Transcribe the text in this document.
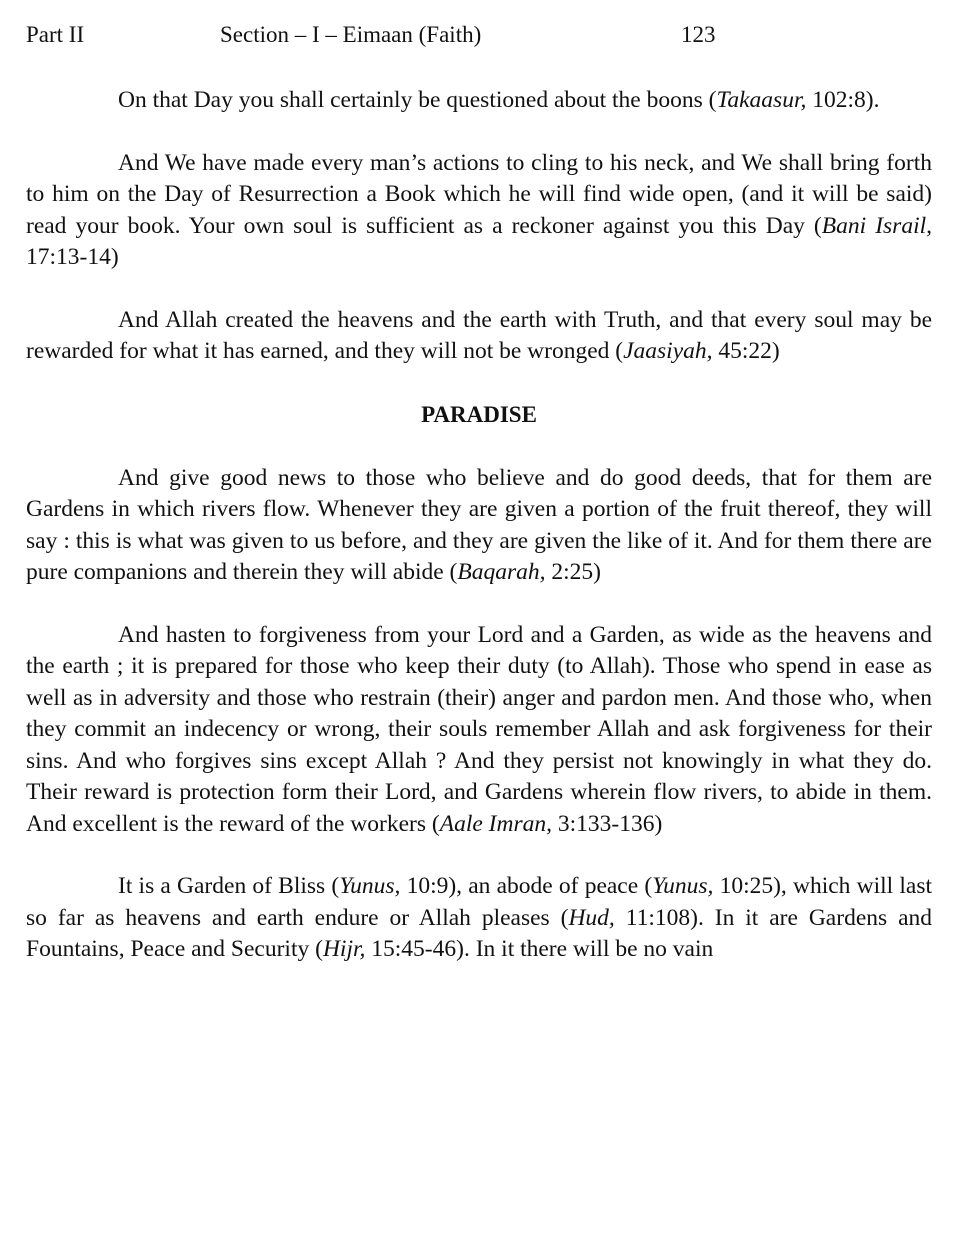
Part II	Section – I – Eimaan (Faith)	123

On that Day you shall certainly be questioned about the boons (Takaasur, 102:8).

And We have made every man’s actions to cling to his neck, and We shall bring forth to him on the Day of Resurrection a Book which he will find wide open, (and it will be said) read your book. Your own soul is sufficient as a reckoner against you this Day (Bani Israil, 17:13-14)

And Allah created the heavens and the earth with Truth, and that every soul may be rewarded for what it has earned, and they will not be wronged (Jaasiyah, 45:22)

PARADISE

And give good news to those who believe and do good deeds, that for them are Gardens in which rivers flow. Whenever they are given a portion of the fruit thereof, they will say : this is what was given to us before, and they are given the like of it. And for them there are pure companions and therein they will abide (Baqarah, 2:25)

And hasten to forgiveness from your Lord and a Garden, as wide as the heavens and the earth ; it is prepared for those who keep their duty (to Allah). Those who spend in ease as well as in adversity and those who restrain (their) anger and pardon men. And those who, when they commit an indecency or wrong, their souls remember Allah and ask forgiveness for their sins. And who forgives sins except Allah ? And they persist not knowingly in what they do. Their reward is protection form their Lord, and Gardens wherein flow rivers, to abide in them. And excellent is the reward of the workers (Aale Imran, 3:133-136)

It is a Garden of Bliss (Yunus, 10:9), an abode of peace (Yunus, 10:25), which will last so far as heavens and earth endure or Allah pleases (Hud, 11:108). In it are Gardens and Fountains, Peace and Security (Hijr, 15:45-46). In it there will be no vain
